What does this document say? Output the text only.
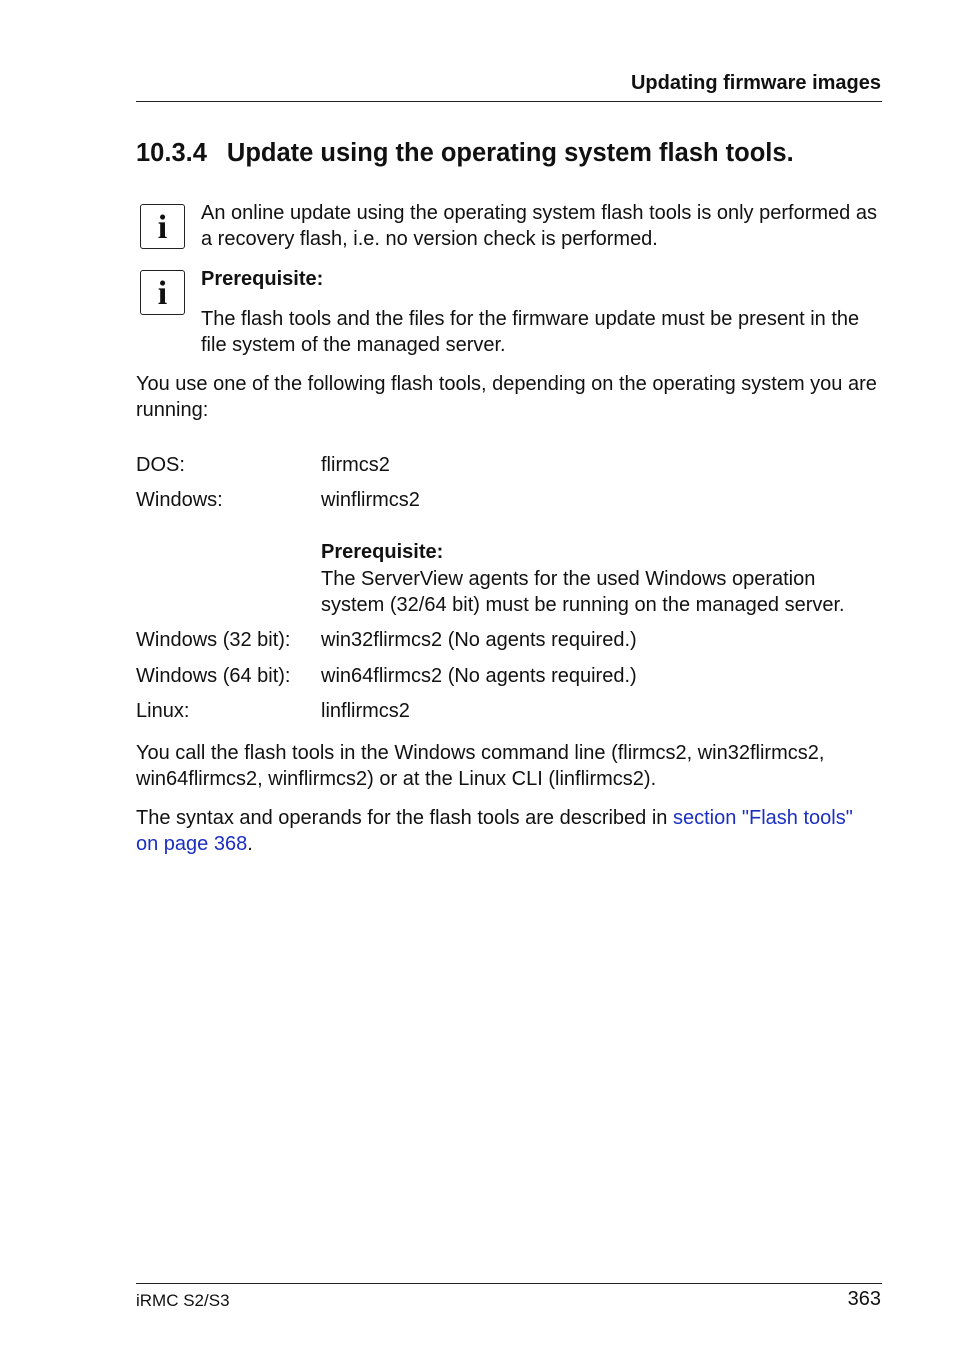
Updating firmware images
10.3.4 Update using the operating system flash tools.
i	An online update using the operating system flash tools is only performed as a recovery flash, i.e. no version check is performed.
i	Prerequisite:
The flash tools and the files for the firmware update must be present in the file system of the managed server.
You use one of the following flash tools, depending on the operating system you are running:
DOS:	flirmcs2
Windows:	winflirmcs2
Prerequisite:
The ServerView agents for the used Windows operation system (32/64 bit) must be running on the managed server.
Windows (32 bit): win32flirmcs2 (No agents required.)
Windows (64 bit): win64flirmcs2 (No agents required.)
Linux:	linflirmcs2
You call the flash tools in the Windows command line (flirmcs2, win32flirmcs2, win64flirmcs2, winflirmcs2) or at the Linux CLI (linflirmcs2).
The syntax and operands for the flash tools are described in section "Flash tools" on page 368.
iRMC S2/S3	363
